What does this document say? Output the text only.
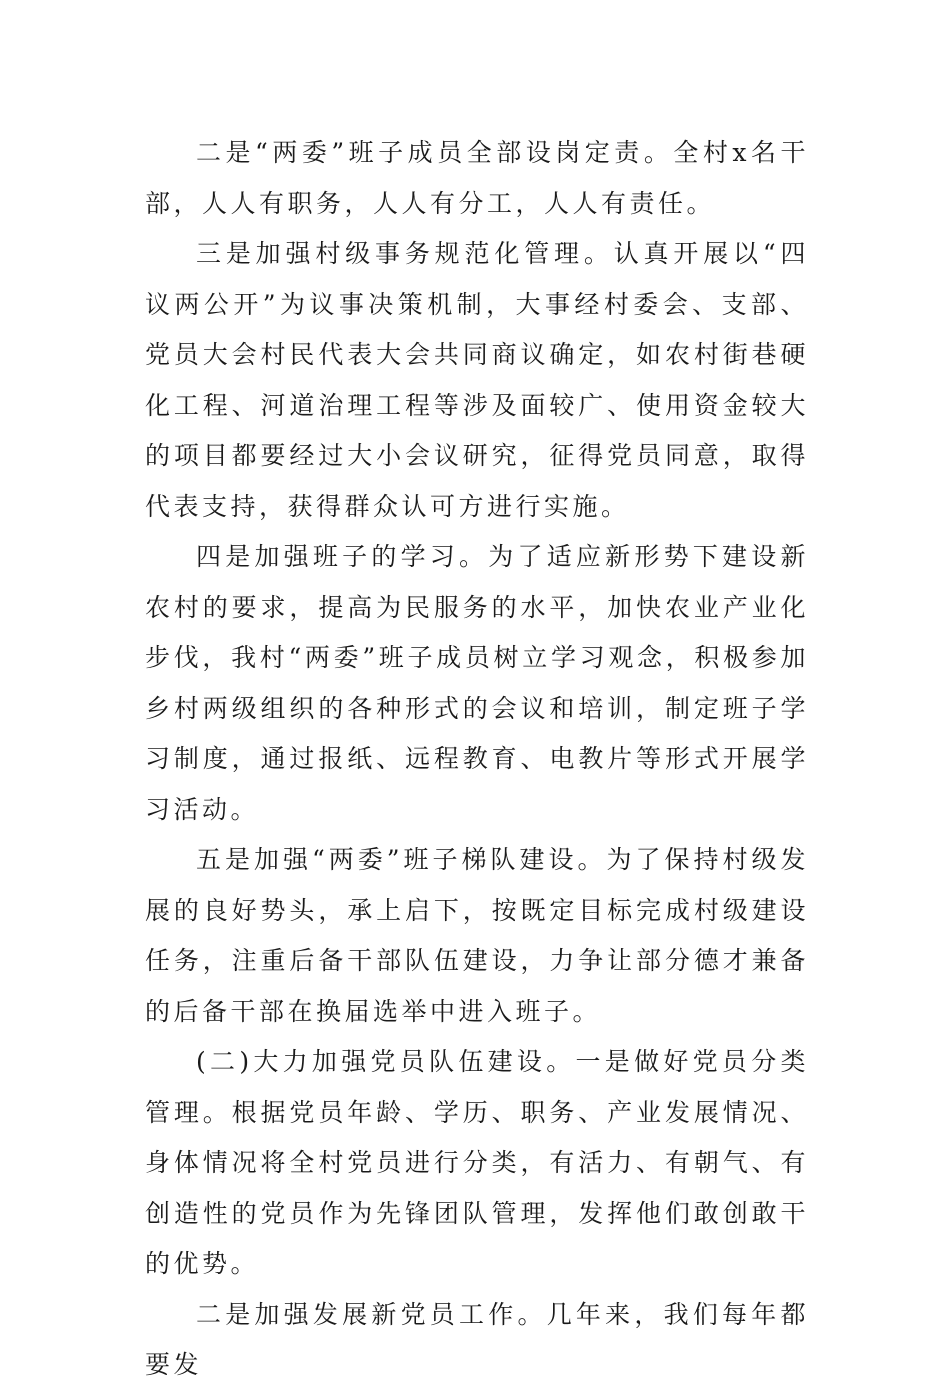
二是“两委”班子成员全部设岗定责。全村x名干部，人人有职务，人人有分工，人人有责任。

三是加强村级事务规范化管理。认真开展以“四议两公开”为议事决策机制，大事经村委会、支部、党员大会村民代表大会共同商议确定，如农村街巷硬化工程、河道治理工程等涉及面较广、使用资金较大的项目都要经过大小会议研究，征得党员同意，取得代表支持，获得群众认可方进行实施。

四是加强班子的学习。为了适应新形势下建设新农村的要求，提高为民服务的水平，加快农业产业化步伐，我村“两委”班子成员树立学习观念，积极参加乡村两级组织的各种形式的会议和培训，制定班子学习制度，通过报纸、远程教育、电教片等形式开展学习活动。

五是加强“两委”班子梯队建设。为了保持村级发展的良好势头，承上启下，按既定目标完成村级建设任务，注重后备干部队伍建设，力争让部分德才兼备的后备干部在换届选举中进入班子。

(二)大力加强党员队伍建设。一是做好党员分类管理。根据党员年龄、学历、职务、产业发展情况、身体情况将全村党员进行分类，有活力、有朝气、有创造性的党员作为先锋团队管理，发挥他们敢创敢干的优势。

二是加强发展新党员工作。几年来，我们每年都要发
